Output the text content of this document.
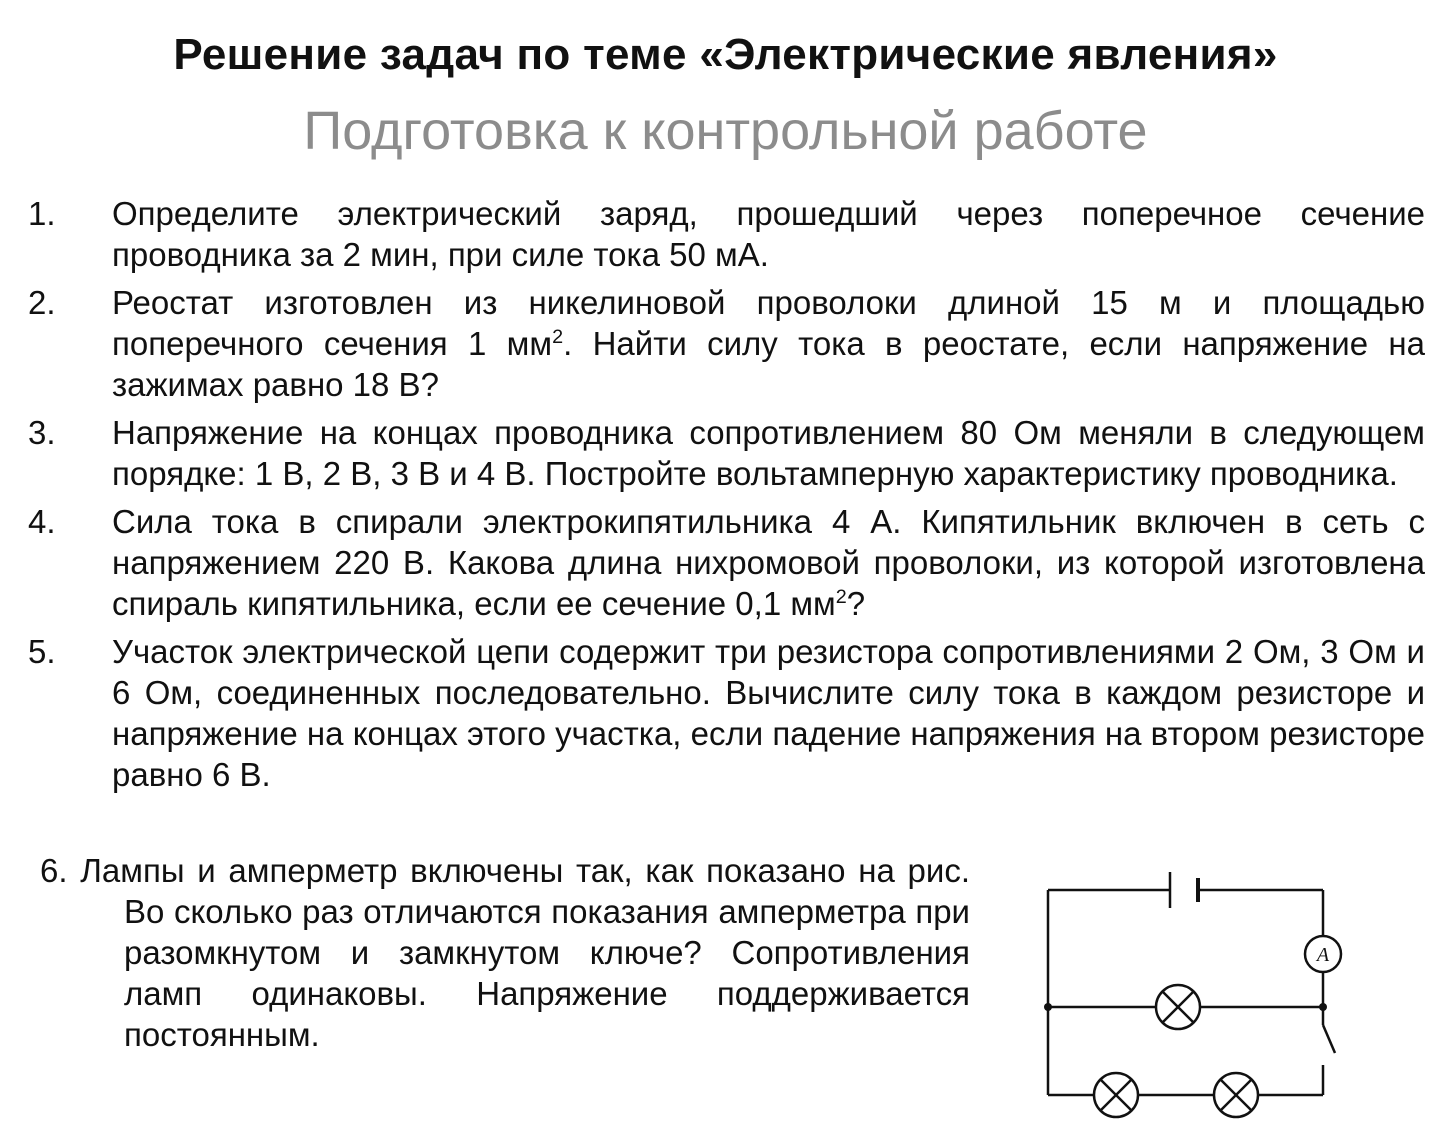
Решение задач по теме «Электрические явления»
Подготовка к контрольной работе
1. Определите электрический заряд, прошедший через поперечное сечение проводника за 2 мин, при силе тока 50 мА.
2. Реостат изготовлен из никелиновой проволоки длиной 15 м и площадью поперечного сечения 1 $мм^2$. Найти силу тока в реостате, если напряжение на зажимах равно 18 В?
3. Напряжение на концах проводника сопротивлением 80 Ом меняли в следующем порядке: 1 В, 2 В, 3 В и 4 В. Постройте вольтамперную характеристику проводника.
4. Сила тока в спирали электрокипятильника 4 А. Кипятильник включен в сеть с напряжением 220 В. Какова длина нихромовой проволоки, из которой изготовлена спираль кипятильника, если ее сечение 0,1 $мм^2$?
5. Участок электрической цепи содержит три резистора сопротивлениями 2 Ом, 3 Ом и 6 Ом, соединенных последовательно. Вычислите силу тока в каждом резисторе и напряжение на концах этого участка, если падение напряжения на втором резисторе равно 6 В.
6. Лампы и амперметр включены так, как показано на рис. Во сколько раз отличаются показания амперметра при разомкнутом и замкнутом ключе? Сопротивления ламп одинаковы. Напряжение поддерживается постоянным.
A
